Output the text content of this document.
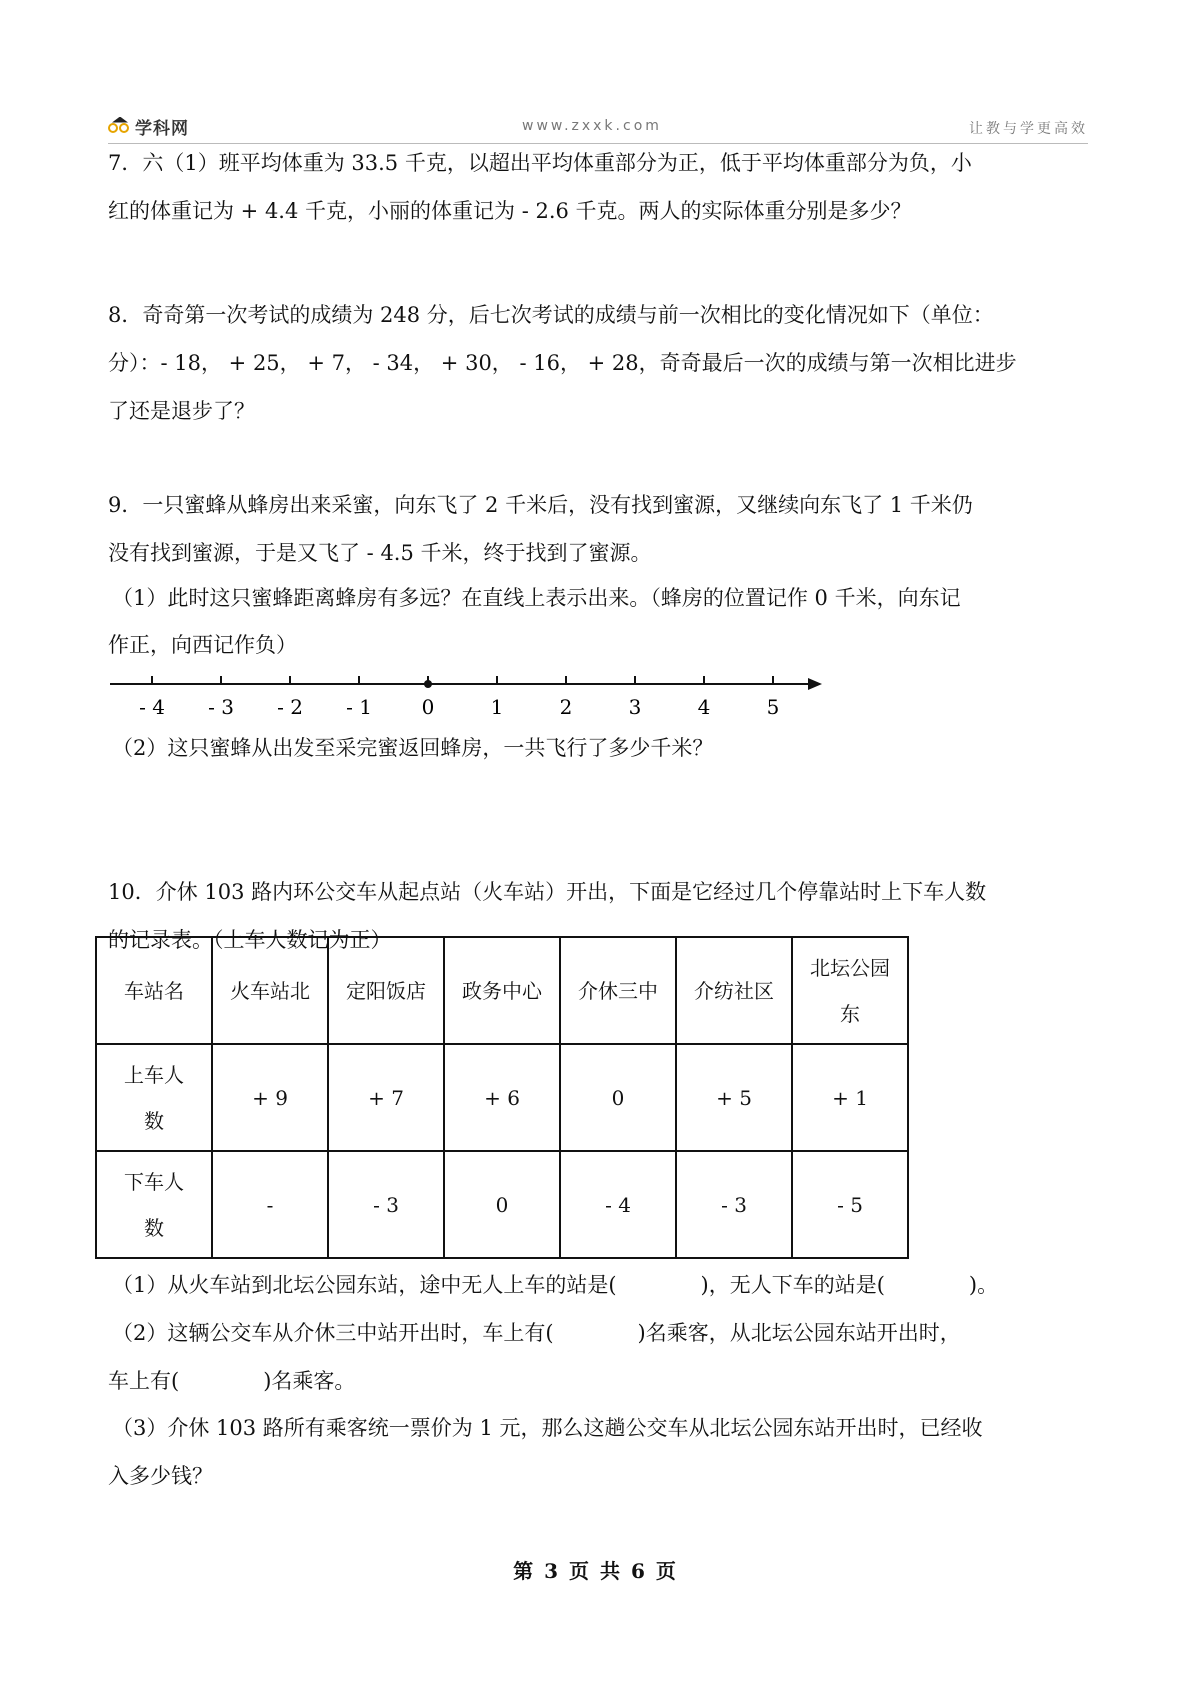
学科网	www.zxxk.com	让教与学更高效
7．六（1）班平均体重为 33.5 千克，以超出平均体重部分为正，低于平均体重部分为负，小
红的体重记为 + 4.4 千克，小丽的体重记为 - 2.6 千克。两人的实际体重分别是多少？
8．奇奇第一次考试的成绩为 248 分，后七次考试的成绩与前一次相比的变化情况如下（单位：
分）：- 18， + 25， + 7， - 34， + 30， - 16， + 28，奇奇最后一次的成绩与第一次相比进步
了还是退步了？
9．一只蜜蜂从蜂房出来采蜜，向东飞了 2 千米后，没有找到蜜源，又继续向东飞了 1 千米仍
没有找到蜜源，于是又飞了 - 4.5 千米，终于找到了蜜源。
（1）此时这只蜜蜂距离蜂房有多远？在直线上表示出来。（蜂房的位置记作 0 千米，向东记
作正，向西记作负）
- 4 - 3 - 2 - 1 0	1	2	3	4	5
（2）这只蜜蜂从出发至采完蜜返回蜂房，一共飞行了多少千米？
10．介休 103 路内环公交车从起点站（火车站）开出，下面是它经过几个停靠站时上下车人数
的记录表。（上车人数记为正）
车站名	火车站北	定阳饭店	政务中心	介休三中	介纺社区	北坛公园东
上车人数	+ 9	+ 7	+ 6	0	+ 5	+ 1
下车人数	-	- 3	0	- 4	- 3	- 5
（1）从火车站到北坛公园东站，途中无人上车的站是(　　　　)，无人下车的站是(　　　　)。
（2）这辆公交车从介休三中站开出时，车上有(　　　　)名乘客，从北坛公园东站开出时，
车上有(　　　　)名乘客。
（3）介休 103 路所有乘客统一票价为 1 元，那么这趟公交车从北坛公园东站开出时，已经收
入多少钱？
第 3 页 共 6 页
